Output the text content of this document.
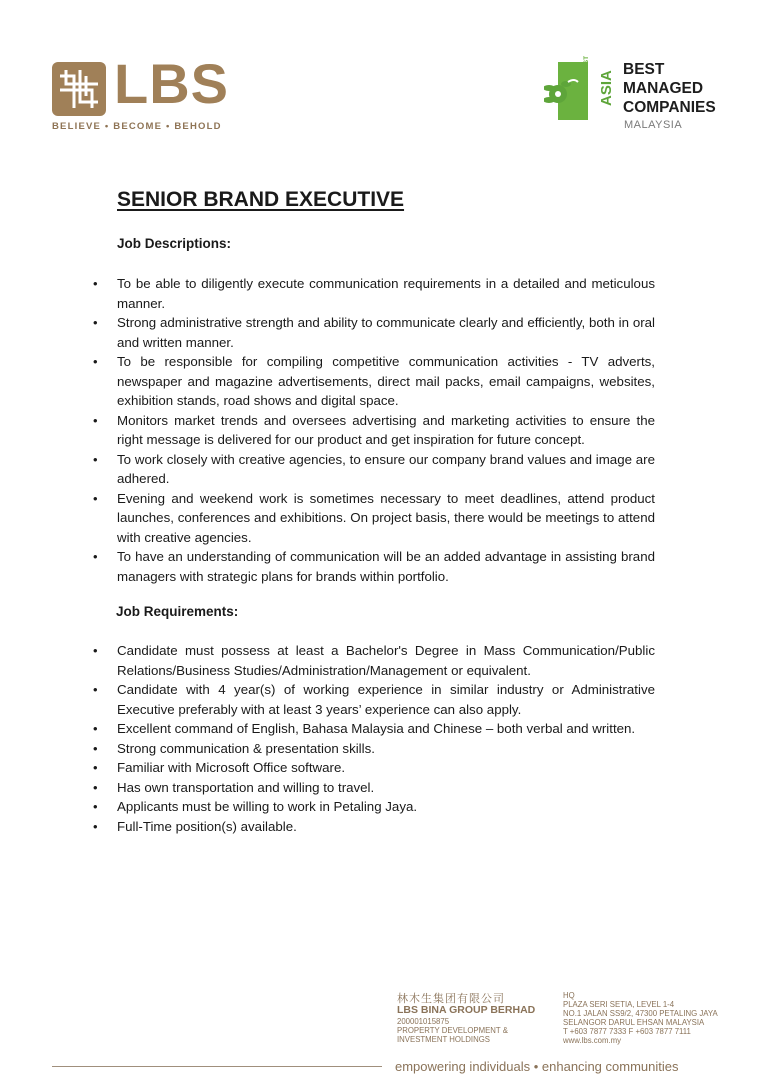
LBS
BELIEVE • BECOME • BEHOLD
SOUTHEAST ASIA
BEST
MANAGED
COMPANIES
MALAYSIA
SENIOR BRAND EXECUTIVE
Job Descriptions:
• To be able to diligently execute communication requirements in a detailed and meticulous manner.
• Strong administrative strength and ability to communicate clearly and efficiently, both in oral and written manner.
• To be responsible for compiling competitive communication activities - TV adverts, newspaper and magazine advertisements, direct mail packs, email campaigns, websites, exhibition stands, road shows and digital space.
• Monitors market trends and oversees advertising and marketing activities to ensure the right message is delivered for our product and get inspiration for future concept.
• To work closely with creative agencies, to ensure our company brand values and image are adhered.
• Evening and weekend work is sometimes necessary to meet deadlines, attend product launches, conferences and exhibitions. On project basis, there would be meetings to attend with creative agencies.
• To have an understanding of communication will be an added advantage in assisting brand managers with strategic plans for brands within portfolio.
Job Requirements:
• Candidate must possess at least a Bachelor's Degree in Mass Communication/Public Relations/Business Studies/Administration/Management or equivalent.
• Candidate with 4 year(s) of working experience in similar industry or Administrative Executive preferably with at least 3 years’ experience can also apply.
• Excellent command of English, Bahasa Malaysia and Chinese – both verbal and written.
• Strong communication & presentation skills.
• Familiar with Microsoft Office software.
• Has own transportation and willing to travel.
• Applicants must be willing to work in Petaling Jaya.
• Full-Time position(s) available.
林木生集团有限公司
LBS BINA GROUP BERHAD
200001015875
PROPERTY DEVELOPMENT &
INVESTMENT HOLDINGS
HQ
PLAZA SERI SETIA, LEVEL 1-4
NO.1 JALAN SS9/2, 47300 PETALING JAYA
SELANGOR DARUL EHSAN MALAYSIA
T +603 7877 7333 F +603 7877 7111
www.lbs.com.my
empowering individuals • enhancing communities
